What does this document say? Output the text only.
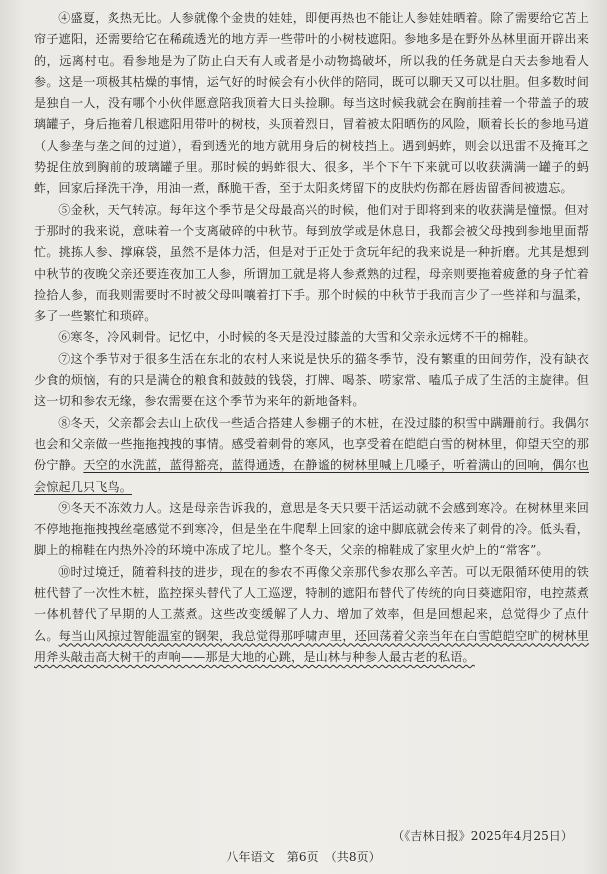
④盛夏，炙热无比。人参就像个金贵的娃娃，即便再热也不能让人参娃娃晒着。除了需要给它苫上帘子遮阳，还需要给它在稀疏透光的地方弄一些带叶的小树枝遮阳。参地多是在野外丛林里面开辟出来的，远离村屯。看参地是为了防止白天有人或者是小动物捣破坏，所以我的任务就是白天去参地看人参。这是一项极其枯燥的事情，运气好的时候会有小伙伴的陪同，既可以聊天又可以壮胆。但多数时间是独自一人，没有哪个小伙伴愿意陪我顶着大日头捡聊。每当这时候我就会在胸前挂着一个带盖子的玻璃罐子，身后拖着几根遮阳用带叶的树枝，头顶着烈日，冒着被太阳晒伤的风险，顺着长长的参地马道（人参垄与垄之间的过道），看到透光的地方就用身后的树枝挡上。遇到蚂蚱，则会以迅雷不及掩耳之势捉住放到胸前的玻璃罐子里。那时候的蚂蚱很大、很多，半个下午下来就可以收获满满一罐子的蚂蚱，回家后择洗干净，用油一煮，酥脆干香，至于太阳炙烤留下的皮肤灼伤都在唇齿留香间被遗忘。

⑤金秋，天气转凉。每年这个季节是父母最高兴的时候，他们对于即将到来的收获满是憧憬。但对于那时的我来说，意味着一个支离破碎的中秋节。每到放学或是休息日，我都会被父母拽到参地里面帮忙。挑拣人参、撑麻袋，虽然不是体力活，但是对于正处于贪玩年纪的我来说是一种折磨。尤其是想到中秋节的夜晚父亲还要连夜加工人参，所谓加工就是将人参煮熟的过程，母亲则要拖着疲惫的身子忙着捡拾人参，而我则需要时不时被父母叫嚷着打下手。那个时候的中秋节于我而言少了一些祥和与温柔，多了一些繁忙和琐碎。

⑥寒冬，冷风刺骨。记忆中，小时候的冬天是没过膝盖的大雪和父亲永远烤不干的棉鞋。

⑦这个季节对于很多生活在东北的农村人来说是快乐的猫冬季节，没有繁重的田间劳作，没有缺衣少食的烦恼，有的只是满仓的粮食和鼓鼓的钱袋，打牌、喝茶、唠家常、嗑瓜子成了生活的主旋律。但这一切和参农无缘，参农需要在这个季节为来年的新地备料。

⑧冬天，父亲都会去山上砍伐一些适合搭建人参棚子的木桩，在没过膝的积雪中蹒跚前行。我偶尔也会和父亲做一些拖拖拽拽的事情。感受着刺骨的寒风，也享受着在皑皑白雪的树林里，仰望天空的那份宁静。天空的水洗蓝，蓝得豁亮，蓝得通透，在静谧的树林里喊上几嗓子，听着满山的回响，偶尔也会惊起几只飞鸟。

⑨冬天不冻效力人。这是母亲告诉我的，意思是冬天只要干活运动就不会感到寒冷。在树林里来回不停地拖拖拽拽丝毫感觉不到寒冷，但是坐在牛爬犁上回家的途中脚底就会传来了刺骨的冷。低头看，脚上的棉鞋在内热外冷的环境中冻成了坨儿。整个冬天，父亲的棉鞋成了家里火炉上的“常客”。

⑩时过境迁，随着科技的进步，现在的参农不再像父亲那代参农那么辛苦。可以无限循环使用的铁桩代替了一次性木桩，监控探头替代了人工巡逻，特制的遮阳布替代了传统的向日葵遮阳帘，电控蒸煮一体机替代了早期的人工蒸煮。这些改变缓解了人力、增加了效率，但是回想起来，总觉得少了点什么。每当山风掠过智能温室的钢架，我总觉得那呼啸声里，还回荡着父亲当年在白雪皑皑空旷的树林里用斧头敲击高大树干的声响——那是大地的心跳，是山林与种参人最古老的私语。

（《吉林日报》2025年4月25日）
八年语文　第6页　（共8页）
